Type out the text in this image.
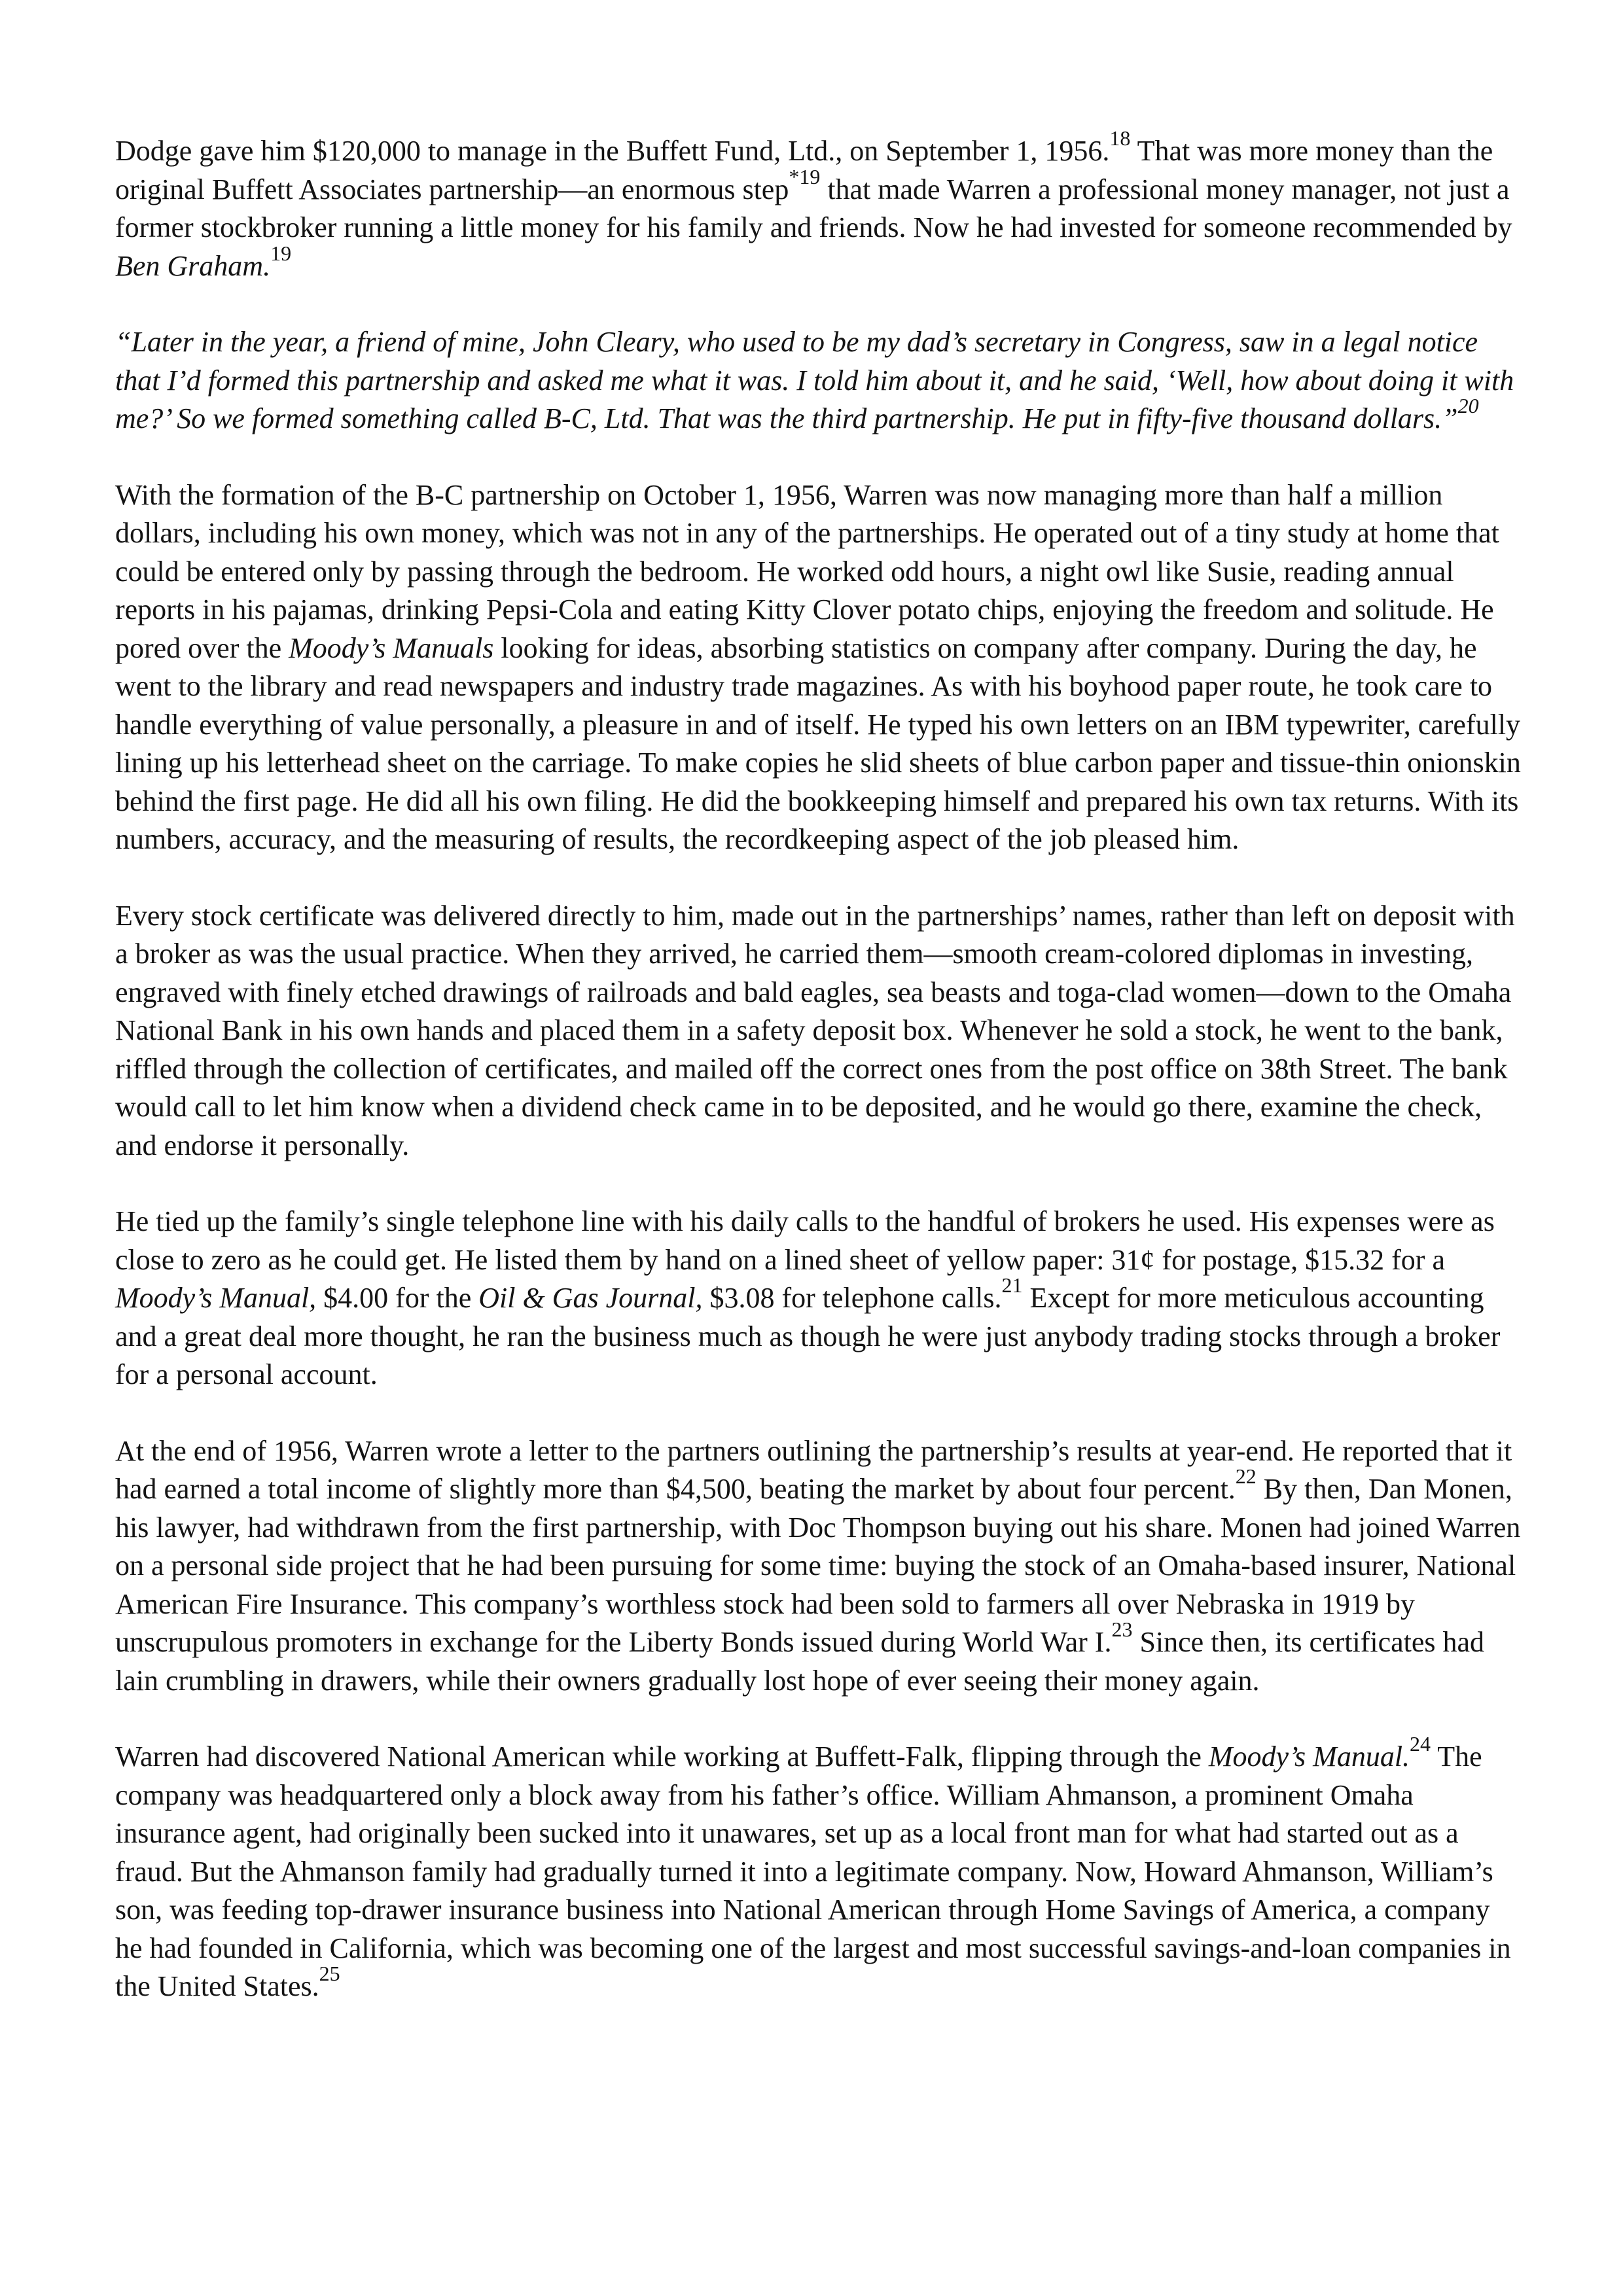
Dodge gave him $120,000 to manage in the Buffett Fund, Ltd., on September 1, 1956.18 That was more money than the original Buffett Associates partnership—an enormous step$^{*19}$ that made Warren a professional money manager, not just a former stockbroker running a little money for his family and friends. Now he had invested for someone recommended by Ben Graham.$^{19}$

“Later in the year, a friend of mine, John Cleary, who used to be my dad’s secretary in Congress, saw in a legal notice that I’d formed this partnership and asked me what it was. I told him about it, and he said, ‘Well, how about doing it with me?’ So we formed something called B-C, Ltd. That was the third partnership. He put in fifty-five thousand dollars.”$^{20}$

With the formation of the B-C partnership on October 1, 1956, Warren was now managing more than half a million dollars, including his own money, which was not in any of the partnerships. He operated out of a tiny study at home that could be entered only by passing through the bedroom. He worked odd hours, a night owl like Susie, reading annual reports in his pajamas, drinking Pepsi-Cola and eating Kitty Clover potato chips, enjoying the freedom and solitude. He pored over the Moody’s Manuals looking for ideas, absorbing statistics on company after company. During the day, he went to the library and read newspapers and industry trade magazines. As with his boyhood paper route, he took care to handle everything of value personally, a pleasure in and of itself. He typed his own letters on an IBM typewriter, carefully lining up his letterhead sheet on the carriage. To make copies he slid sheets of blue carbon paper and tissue-thin onionskin behind the first page. He did all his own filing. He did the bookkeeping himself and prepared his own tax returns. With its numbers, accuracy, and the measuring of results, the recordkeeping aspect of the job pleased him.

Every stock certificate was delivered directly to him, made out in the partnerships’ names, rather than left on deposit with a broker as was the usual practice. When they arrived, he carried them—smooth cream-colored diplomas in investing, engraved with finely etched drawings of railroads and bald eagles, sea beasts and toga-clad women—down to the Omaha National Bank in his own hands and placed them in a safety deposit box. Whenever he sold a stock, he went to the bank, riffled through the collection of certificates, and mailed off the correct ones from the post office on 38th Street. The bank would call to let him know when a dividend check came in to be deposited, and he would go there, examine the check, and endorse it personally.

He tied up the family’s single telephone line with his daily calls to the handful of brokers he used. His expenses were as close to zero as he could get. He listed them by hand on a lined sheet of yellow paper: 31¢ for postage, $15.32 for a Moody’s Manual, $4.00 for the Oil & Gas Journal, $3.08 for telephone calls.$^{21}$ Except for more meticulous accounting and a great deal more thought, he ran the business much as though he were just anybody trading stocks through a broker for a personal account.

At the end of 1956, Warren wrote a letter to the partners outlining the partnership’s results at year-end. He reported that it had earned a total income of slightly more than $4,500, beating the market by about four percent.$^{22}$ By then, Dan Monen, his lawyer, had withdrawn from the first partnership, with Doc Thompson buying out his share. Monen had joined Warren on a personal side project that he had been pursuing for some time: buying the stock of an Omaha-based insurer, National American Fire Insurance. This company’s worthless stock had been sold to farmers all over Nebraska in 1919 by unscrupulous promoters in exchange for the Liberty Bonds issued during World War I.$^{23}$ Since then, its certificates had lain crumbling in drawers, while their owners gradually lost hope of ever seeing their money again.

Warren had discovered National American while working at Buffett-Falk, flipping through the Moody’s Manual.$^{24}$ The company was headquartered only a block away from his father’s office. William Ahmanson, a prominent Omaha insurance agent, had originally been sucked into it unawares, set up as a local front man for what had started out as a fraud. But the Ahmanson family had gradually turned it into a legitimate company. Now, Howard Ahmanson, William’s son, was feeding top-drawer insurance business into National American through Home Savings of America, a company he had founded in California, which was becoming one of the largest and most successful savings-and-loan companies in the United States.$^{25}$
